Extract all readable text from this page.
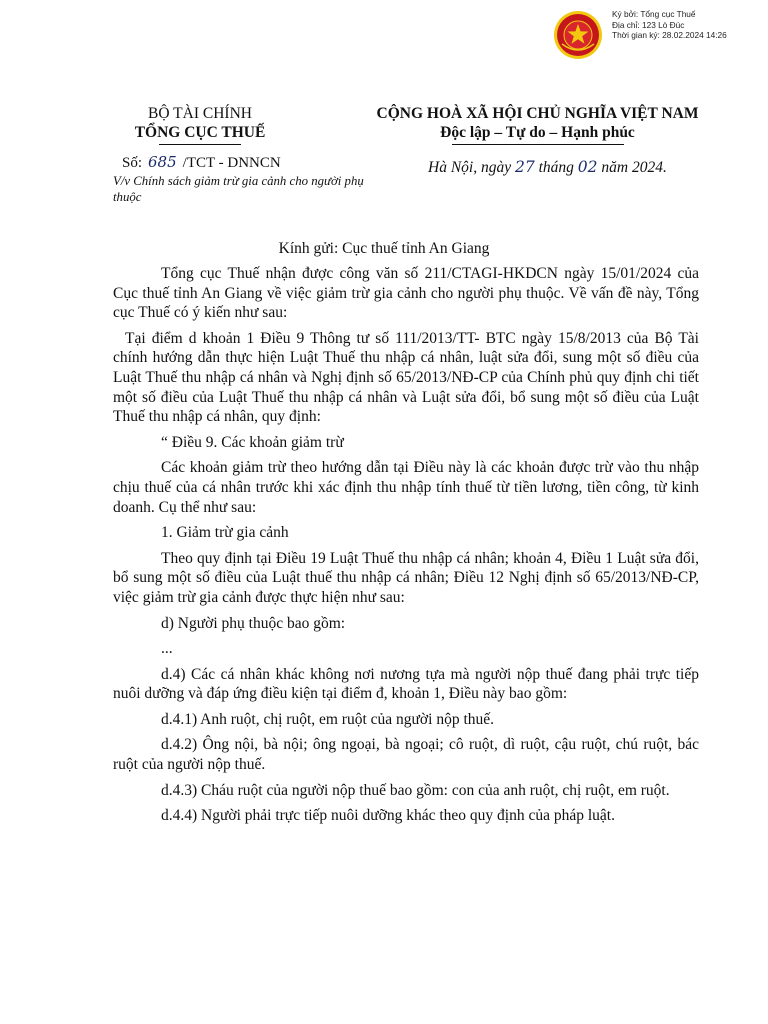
Ký bởi: Tổng cục Thuế
Địa chỉ: 123 Lò Đúc
Thời gian ký: 28.02.2024 14:26
BỘ TÀI CHÍNH
TỔNG CỤC THUẾ
CỘNG HOÀ XÃ HỘI CHỦ NGHĨA VIỆT NAM
Độc lập – Tự do – Hạnh phúc
Số: 685 /TCT - DNNCN
V/v Chính sách giảm trừ gia cảnh cho người phụ thuộc
Hà Nội, ngày 27 tháng 02 năm 2024.
Kính gửi: Cục thuế tỉnh An Giang

Tổng cục Thuế nhận được công văn số 211/CTAGI-HKDCN ngày 15/01/2024 của Cục thuế tỉnh An Giang về việc giảm trừ gia cảnh cho người phụ thuộc. Về vấn đề này, Tổng cục Thuế có ý kiến như sau:

Tại điểm d khoản 1 Điều 9 Thông tư số 111/2013/TT- BTC ngày 15/8/2013 của Bộ Tài chính hướng dẫn thực hiện Luật Thuế thu nhập cá nhân, luật sửa đổi, sung một số điều của Luật Thuế thu nhập cá nhân và Nghị định số 65/2013/NĐ-CP của Chính phủ quy định chi tiết một số điều của Luật Thuế thu nhập cá nhân và Luật sửa đổi, bổ sung một số điều của Luật Thuế thu nhập cá nhân, quy định:

“ Điều 9. Các khoản giảm trừ

Các khoản giảm trừ theo hướng dẫn tại Điều này là các khoản được trừ vào thu nhập chịu thuế của cá nhân trước khi xác định thu nhập tính thuế từ tiền lương, tiền công, từ kinh doanh. Cụ thể như sau:

1. Giảm trừ gia cảnh

Theo quy định tại Điều 19 Luật Thuế thu nhập cá nhân; khoản 4, Điều 1 Luật sửa đổi, bổ sung một số điều của Luật thuế thu nhập cá nhân; Điều 12 Nghị định số 65/2013/NĐ-CP, việc giảm trừ gia cảnh được thực hiện như sau:

d) Người phụ thuộc bao gồm:

...

d.4) Các cá nhân khác không nơi nương tựa mà người nộp thuế đang phải trực tiếp nuôi dưỡng và đáp ứng điều kiện tại điểm đ, khoản 1, Điều này bao gồm:

d.4.1) Anh ruột, chị ruột, em ruột của người nộp thuế.

d.4.2) Ông nội, bà nội; ông ngoại, bà ngoại; cô ruột, dì ruột, cậu ruột, chú ruột, bác ruột của người nộp thuế.

d.4.3) Cháu ruột của người nộp thuế bao gồm: con của anh ruột, chị ruột, em ruột.

d.4.4) Người phải trực tiếp nuôi dưỡng khác theo quy định của pháp luật.
